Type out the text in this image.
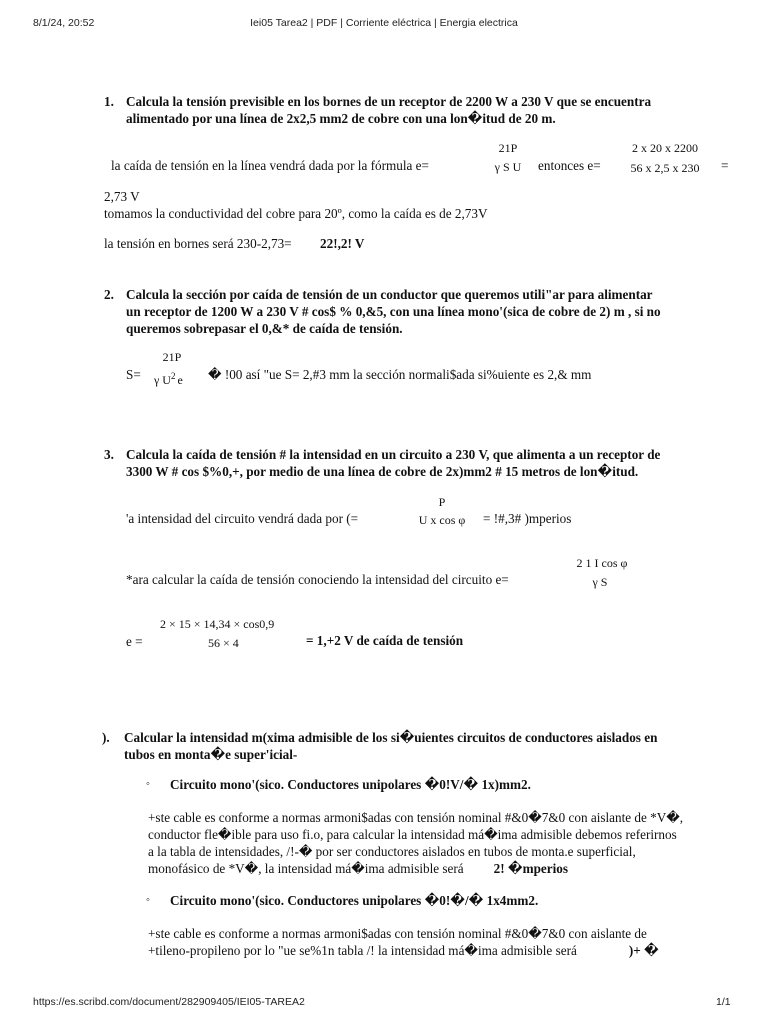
8/1/24, 20:52	Iei05 Tarea2 | PDF | Corriente eléctrica | Energia electrica
1. Calcula la tensión previsible en los bornes de un receptor de 2200 W a 230 V que se encuentra
alimentado por una línea de 2x2,5 mm2 de cobre con una lon�itud de 20 m.
la caída de tensión en la línea vendrá dada por la fórmula e=
21P
γ S U	entonces e=
2 x 20 x 2200
56 x 2,5 x 230	=
2,73 V
tomamos la conductividad del cobre para 20º, como la caída es de 2,73V
la tensión en bornes será 230-2,73= 22!,2! V
2. Calcula la sección por caída de tensión de un conductor que queremos utili"ar para alimentar
un receptor de 1200 W a 230 V # cos$ % 0,&5, con una línea mono'(sica de cobre de 2) m , si no
queremos sobrepasar el 0,&* de caída de tensión.
S=
21P
γ $U^2$ e � !00 así "ue S= 2,#3 mm la sección normali$ada si%uiente es 2,& mm
3. Calcula la caída de tensión # la intensidad en un circuito a 230 V, que alimenta a un receptor de
3300 W # cos $%0,+, por medio de una línea de cobre de 2x)mm2 # 15 metros de lon�itud.
'a intensidad del circuito vendrá dada por (=
P
U x cos φ	= !#,3# )mperios
*ara calcular la caída de tensión conociendo la intensidad del circuito e=
2 1 I cos φ
γ S
e =
2 × 15 × 14,34 × cos0,9
56 × 4	= 1,+2 V de caída de tensión
). Calcular la intensidad m(xima admisible de los si�uientes circuitos de conductores aislados en
tubos en monta�e super'icial-
◦ Circuito mono'(sico. Conductores unipolares �0!V/� 1x)mm2.
+ste cable es conforme a normas armoni$adas con tensión nominal #&0�7&0 con aislante de *V�,
conductor fle�ible para uso fi.o, para calcular la intensidad má�ima admisible debemos referirnos
a la tabla de intensidades, /!-� por ser conductores aislados en tubos de monta.e superficial,
monofásico de *V�, la intensidad má�ima admisible será 2! �mperios
◦ Circuito mono'(sico. Conductores unipolares �0!�/� 1x4mm2.
+ste cable es conforme a normas armoni$adas con tensión nominal #&0�7&0 con aislante de
+tileno-propileno por lo "ue se%1n tabla /! la intensidad má�ima admisible será	)+ �
https://es.scribd.com/document/282909405/IEI05-TAREA2	1/1
